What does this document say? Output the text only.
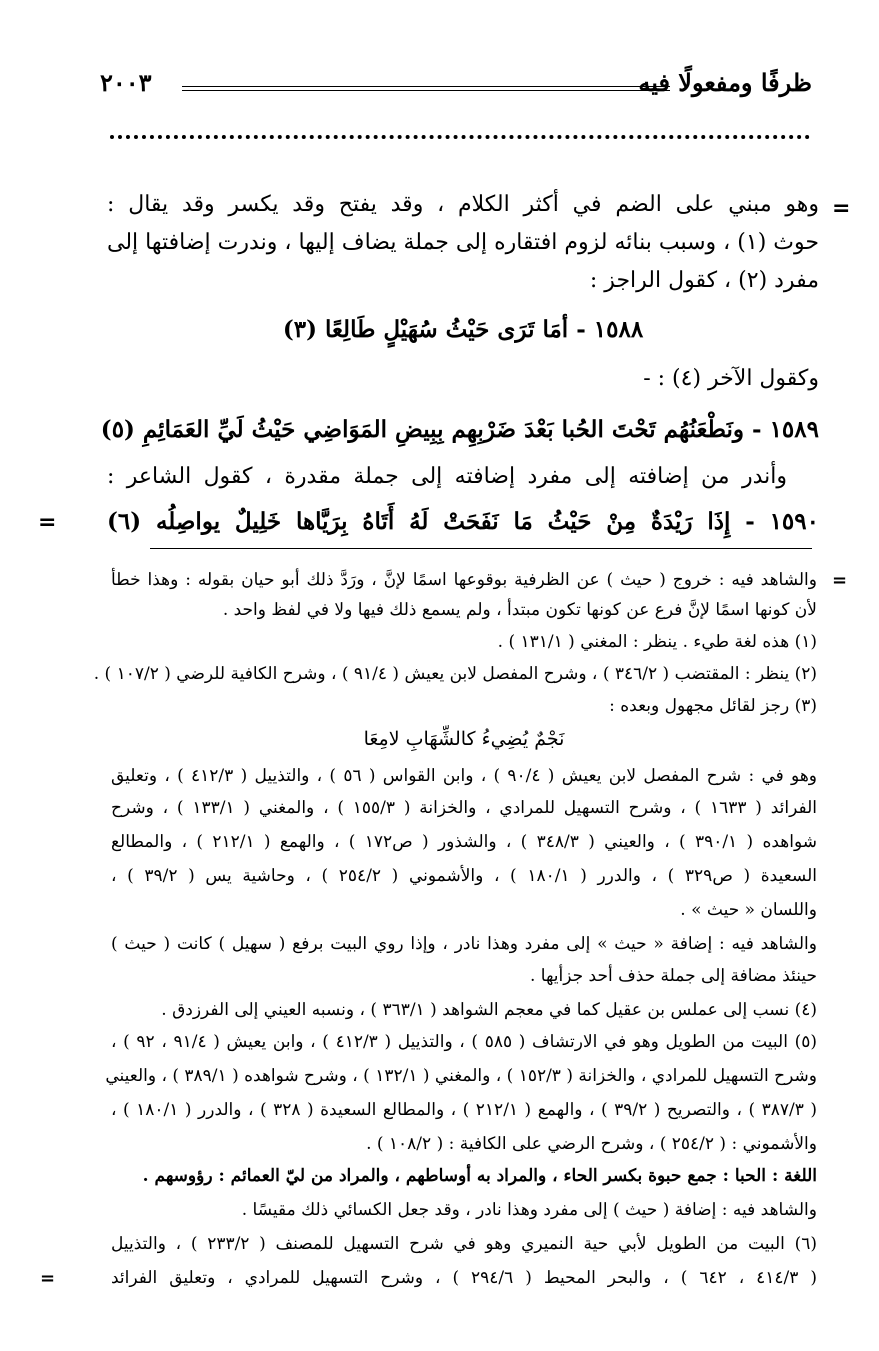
ظرفًا ومفعولًا فيه
٢٠٠٣
وهو مبني على الضم في أكثر الكلام ، وقد يفتح وقد يكسر وقد يقال :
حوث (١) ، وسبب بنائه لزوم افتقاره إلى جملة يضاف إليها ، وندرت إضافتها إلى
مفرد (٢) ، كقول الراجز :
١٥٨٨ - أمَا تَرَى حَيْثُ سُهَيْلٍ طَالِعًا (٣)
وكقول الآخر (٤) : -
١٥٨٩ - ونَطْعَنُهُم تَحْتَ الحُبا بَعْدَ ضَرْبِهِم بِبِيضِ المَوَاضِي حَيْثُ لَيِّ العَمَائِمِ (٥)
وأندر من إضافته إلى مفرد إضافته إلى جملة مقدرة ، كقول الشاعر :
١٥٩٠ - إِذَا رَيْدَةٌ مِنْ حَيْثُ مَا نَفَحَتْ لَهُ أَتَاهُ بِرَيَّاها خَلِيلٌ يواصِلُه (٦)
والشاهد فيه : خروج ( حيث ) عن الظرفية بوقوعها اسمًا لإنَّ ، ورَدَّ ذلك أبو حيان بقوله : وهذا خطأ
لأن كونها اسمًا لإنَّ فرع عن كونها تكون مبتدأ ، ولم يسمع ذلك فيها ولا في لفظ واحد .
(١) هذه لغة طيء . ينظر : المغني ( ١٣١/١ ) .
(٢) ينظر : المقتضب ( ٣٤٦/٢ ) ، وشرح المفصل لابن يعيش ( ٩١/٤ ) ، وشرح الكافية للرضي ( ١٠٧/٢ ) .
(٣) رجز لقائل مجهول وبعده :
نَجْمٌ يُضِيءُ كالشِّهَابِ لامِعَا
وهو في : شرح المفصل لابن يعيش ( ٩٠/٤ ) ، وابن القواس ( ٥٦ ) ، والتذييل ( ٤١٢/٣ ) ، وتعليق
الفرائد ( ١٦٣٣ ) ، وشرح التسهيل للمرادي ، والخزانة ( ١٥٥/٣ ) ، والمغني ( ١٣٣/١ ) ، وشرح
شواهده ( ٣٩٠/١ ) ، والعيني ( ٣٤٨/٣ ) ، والشذور ( ص١٧٢ ) ، والهمع ( ٢١٢/١ ) ، والمطالع
السعيدة ( ص٣٢٩ ) ، والدرر ( ١٨٠/١ ) ، والأشموني ( ٢٥٤/٢ ) ، وحاشية يس ( ٣٩/٢ ) ،
واللسان « حيث » .
والشاهد فيه : إضافة « حيث » إلى مفرد وهذا نادر ، وإذا روي البيت برفع ( سهيل ) كانت ( حيث )
حينئذ مضافة إلى جملة حذف أحد جزأيها .
(٤) نسب إلى عملس بن عقيل كما في معجم الشواهد ( ٣٦٣/١ ) ، ونسبه العيني إلى الفرزدق .
(٥) البيت من الطويل وهو في الارتشاف ( ٥٨٥ ) ، والتذييل ( ٤١٢/٣ ) ، وابن يعيش ( ٩١/٤ ، ٩٢ ) ،
وشرح التسهيل للمرادي ، والخزانة ( ١٥٢/٣ ) ، والمغني ( ١٣٢/١ ) ، وشرح شواهده ( ٣٨٩/١ ) ، والعيني
( ٣٨٧/٣ ) ، والتصريح ( ٣٩/٢ ) ، والهمع ( ٢١٢/١ ) ، والمطالع السعيدة ( ٣٢٨ ) ، والدرر ( ١٨٠/١ ) ،
والأشموني : ( ٢٥٤/٢ ) ، وشرح الرضي على الكافية : ( ١٠٨/٢ ) .
اللغة : الحبا : جمع حبوة بكسر الحاء ، والمراد به أوساطهم ، والمراد من ليّ العمائم : رؤوسهم .
والشاهد فيه : إضافة ( حيث ) إلى مفرد وهذا نادر ، وقد جعل الكسائي ذلك مقيسًا .
(٦) البيت من الطويل لأبي حية النميري وهو في شرح التسهيل للمصنف ( ٢٣٣/٢ ) ، والتذييل
( ٤١٤/٣ ، ٦٤٢ ) ، والبحر المحيط ( ٢٩٤/٦ ) ، وشرح التسهيل للمرادي ، وتعليق الفرائد
=
=
=
=
